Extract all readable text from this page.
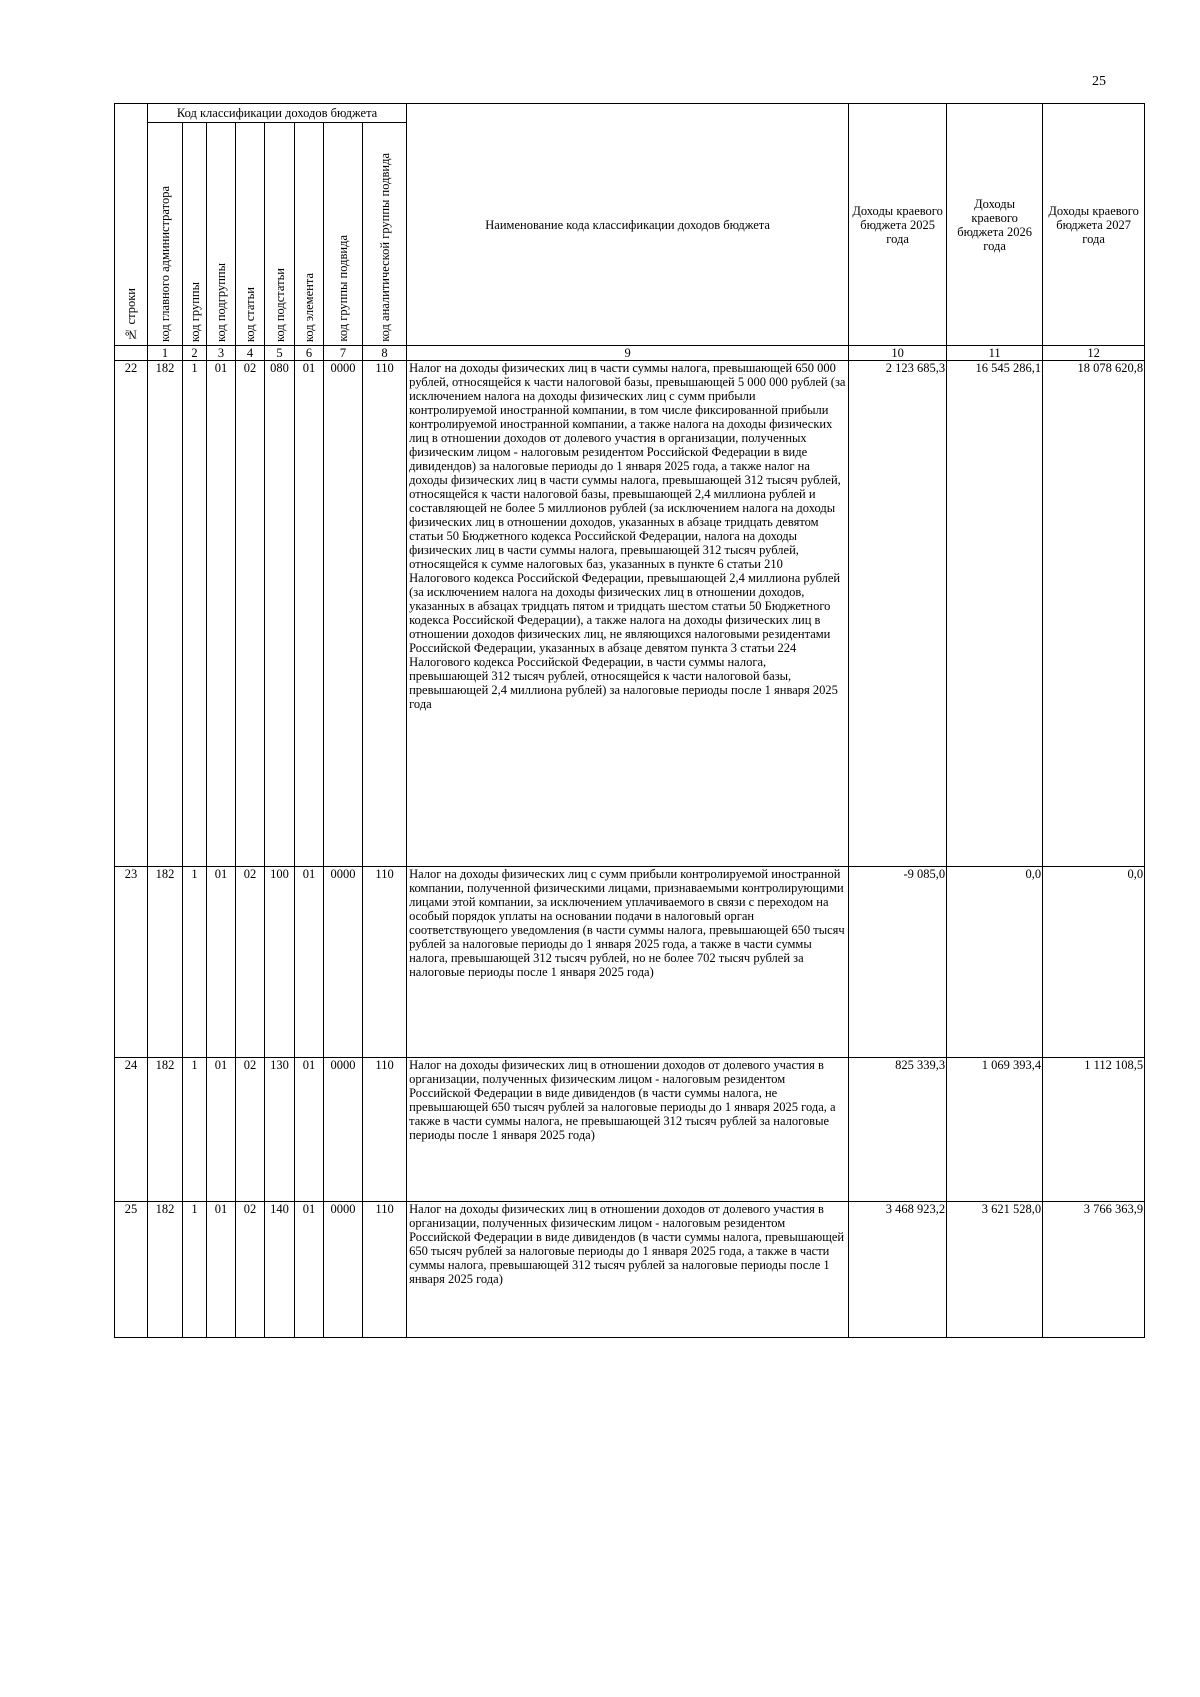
25
№ строки	Код классификации доходов бюджета								Наименование кода классификации доходов бюджета	Доходы краевого бюджета 2025 года	Доходы краевого бюджета 2026 года	Доходы краевого бюджета 2027 года
	код главного администратора	код группы	код подгруппы	код статьи	код подстатьи	код элемента	код группы подвида	код аналитической группы подвида				
	1	2	3	4	5	6	7	8	9	10	11	12
22	182	1	01	02	080	01	0000	110	Налог на доходы физических лиц в части суммы налога, превышающей 650 000 рублей, относящейся к части налоговой базы, превышающей 5 000 000 рублей (за исключением налога на доходы физических лиц с сумм прибыли контролируемой иностранной компании, в том числе фиксированной прибыли контролируемой иностранной компании, а также налога на доходы физических лиц в отношении доходов от долевого участия в организации, полученных физическим лицом - налоговым резидентом Российской Федерации в виде дивидендов) за налоговые периоды до 1 января 2025 года, а также налог на доходы физических лиц в части суммы налога, превышающей 312 тысяч рублей, относящейся к части налоговой базы, превышающей 2,4 миллиона рублей и составляющей не более 5 миллионов рублей (за исключением налога на доходы физических лиц в отношении доходов, указанных в абзаце тридцать девятом статьи 50 Бюджетного кодекса Российской Федерации, налога на доходы физических лиц в части суммы налога, превышающей 312 тысяч рублей, относящейся к сумме налоговых баз, указанных в пункте 6 статьи 210 Налогового кодекса Российской Федерации, превышающей 2,4 миллиона рублей (за исключением налога на доходы физических лиц в отношении доходов, указанных в абзацах тридцать пятом и тридцать шестом статьи 50 Бюджетного кодекса Российской Федерации), а также налога на доходы физических лиц в отношении доходов физических лиц, не являющихся налоговыми резидентами Российской Федерации, указанных в абзаце девятом пункта 3 статьи 224 Налогового кодекса Российской Федерации, в части суммы налога, превышающей 312 тысяч рублей, относящейся к части налоговой базы, превышающей 2,4 миллиона рублей) за налоговые периоды после 1 января 2025 года	2 123 685,3	16 545 286,1	18 078 620,8
23	182	1	01	02	100	01	0000	110	Налог на доходы физических лиц с сумм прибыли контролируемой иностранной компании, полученной физическими лицами, признаваемыми контролирующими лицами этой компании, за исключением уплачиваемого в связи с переходом на особый порядок уплаты на основании подачи в налоговый орган соответствующего уведомления (в части суммы налога, превышающей 650 тысяч рублей за налоговые периоды до 1 января 2025 года, а также в части суммы налога, превышающей 312 тысяч рублей, но не более 702 тысяч рублей за налоговые периоды после 1 января 2025 года)	-9 085,0	0,0	0,0
24	182	1	01	02	130	01	0000	110	Налог на доходы физических лиц в отношении доходов от долевого участия в организации, полученных физическим лицом - налоговым резидентом Российской Федерации в виде дивидендов (в части суммы налога, не превышающей 650 тысяч рублей за налоговые периоды до 1 января 2025 года, а также в части суммы налога, не превышающей 312 тысяч рублей за налоговые периоды после 1 января 2025 года)	825 339,3	1 069 393,4	1 112 108,5
25	182	1	01	02	140	01	0000	110	Налог на доходы физических лиц в отношении доходов от долевого участия в организации, полученных физическим лицом - налоговым резидентом Российской Федерации в виде дивидендов (в части суммы налога, превышающей 650 тысяч рублей за налоговые периоды до 1 января 2025 года, а также в части суммы налога, превышающей 312 тысяч рублей за налоговые периоды после 1 января 2025 года)	3 468 923,2	3 621 528,0	3 766 363,9
